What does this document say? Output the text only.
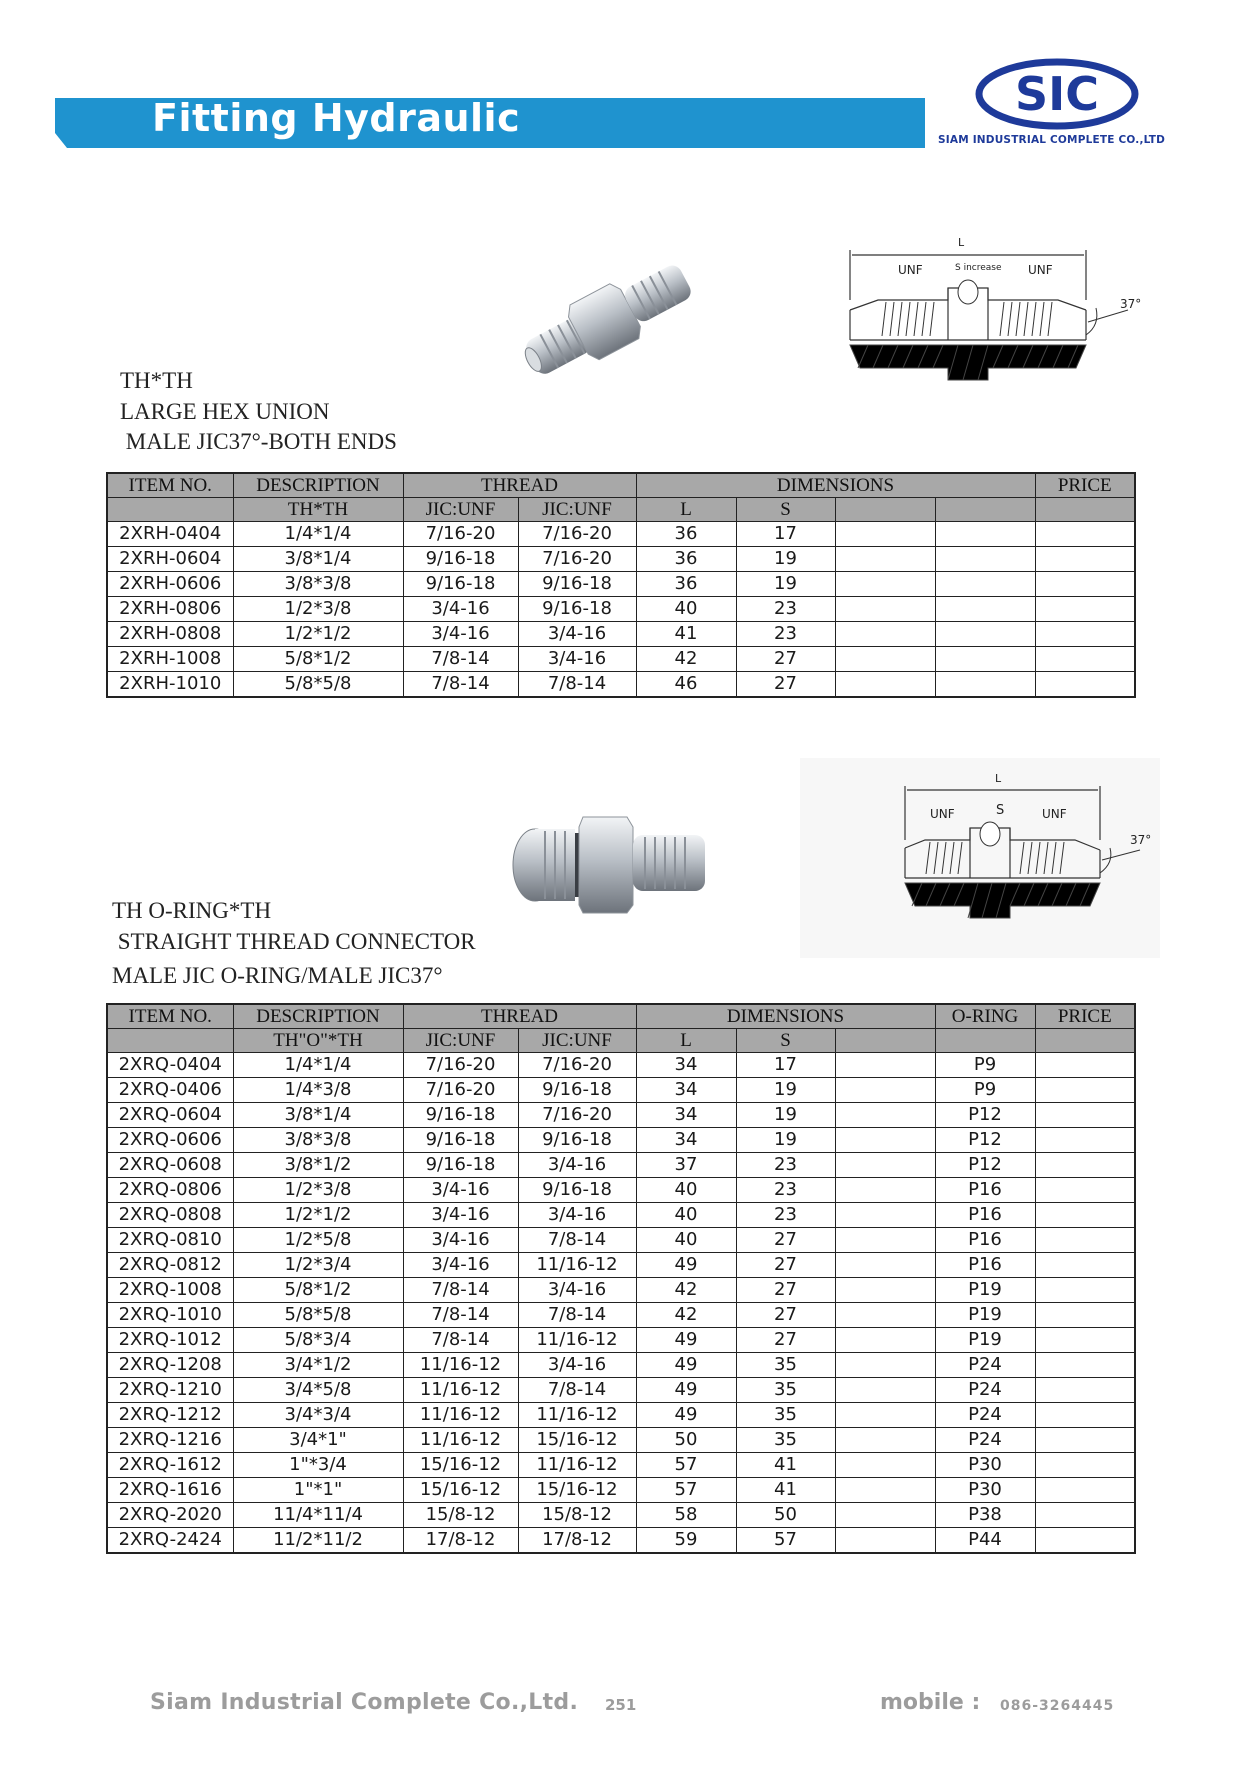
Fitting Hydraulic	SIC
SIAM INDUSTRIAL COMPLETE CO.,LTD
TH*TH
LARGE HEX UNION
MALE JIC37°-BOTH ENDS
L
UNF	S increase UNF
37°
ITEM NO.	DESCRIPTION	THREAD		DIMENSIONS				PRICE
	TH*TH	JIC:UNF	JIC:UNF	L	S			
2XRH-0404	1/4*1/4	7/16-20	7/16-20	36	17			
2XRH-0604	3/8*1/4	9/16-18	7/16-20	36	19			
2XRH-0606	3/8*3/8	9/16-18	9/16-18	36	19			
2XRH-0806	1/2*3/8	3/4-16	9/16-18	40	23			
2XRH-0808	1/2*1/2	3/4-16	3/4-16	41	23			
2XRH-1008	5/8*1/2	7/8-14	3/4-16	42	27			
2XRH-1010	5/8*5/8	7/8-14	7/8-14	46	27			
TH O-RING*TH
STRAIGHT THREAD CONNECTOR
MALE JIC O-RING/MALE JIC37°
L
UNF	S	UNF
37°
ITEM NO.	DESCRIPTION	THREAD		DIMENSIONS			O-RING	PRICE
	TH"O"*TH	JIC:UNF	JIC:UNF	L	S			
2XRQ-0404	1/4*1/4	7/16-20	7/16-20	34	17		P9	
2XRQ-0406	1/4*3/8	7/16-20	9/16-18	34	19		P9	
2XRQ-0604	3/8*1/4	9/16-18	7/16-20	34	19		P12	
2XRQ-0606	3/8*3/8	9/16-18	9/16-18	34	19		P12	
2XRQ-0608	3/8*1/2	9/16-18	3/4-16	37	23		P12	
2XRQ-0806	1/2*3/8	3/4-16	9/16-18	40	23		P16	
2XRQ-0808	1/2*1/2	3/4-16	3/4-16	40	23		P16	
2XRQ-0810	1/2*5/8	3/4-16	7/8-14	40	27		P16	
2XRQ-0812	1/2*3/4	3/4-16	11/16-12	49	27		P16	
2XRQ-1008	5/8*1/2	7/8-14	3/4-16	42	27		P19	
2XRQ-1010	5/8*5/8	7/8-14	7/8-14	42	27		P19	
2XRQ-1012	5/8*3/4	7/8-14	11/16-12	49	27		P19	
2XRQ-1208	3/4*1/2	11/16-12	3/4-16	49	35		P24	
2XRQ-1210	3/4*5/8	11/16-12	7/8-14	49	35		P24	
2XRQ-1212	3/4*3/4	11/16-12	11/16-12	49	35		P24	
2XRQ-1216	3/4*1"	11/16-12	15/16-12	50	35		P24	
2XRQ-1612	1"*3/4	15/16-12	11/16-12	57	41		P30	
2XRQ-1616	1"*1"	15/16-12	15/16-12	57	41		P30	
2XRQ-2020	11/4*11/4	15/8-12	15/8-12	58	50		P38	
2XRQ-2424	11/2*11/2	17/8-12	17/8-12	59	57		P44	
Siam Industrial Complete Co.,Ltd. 251	mobile : 086-3264445
